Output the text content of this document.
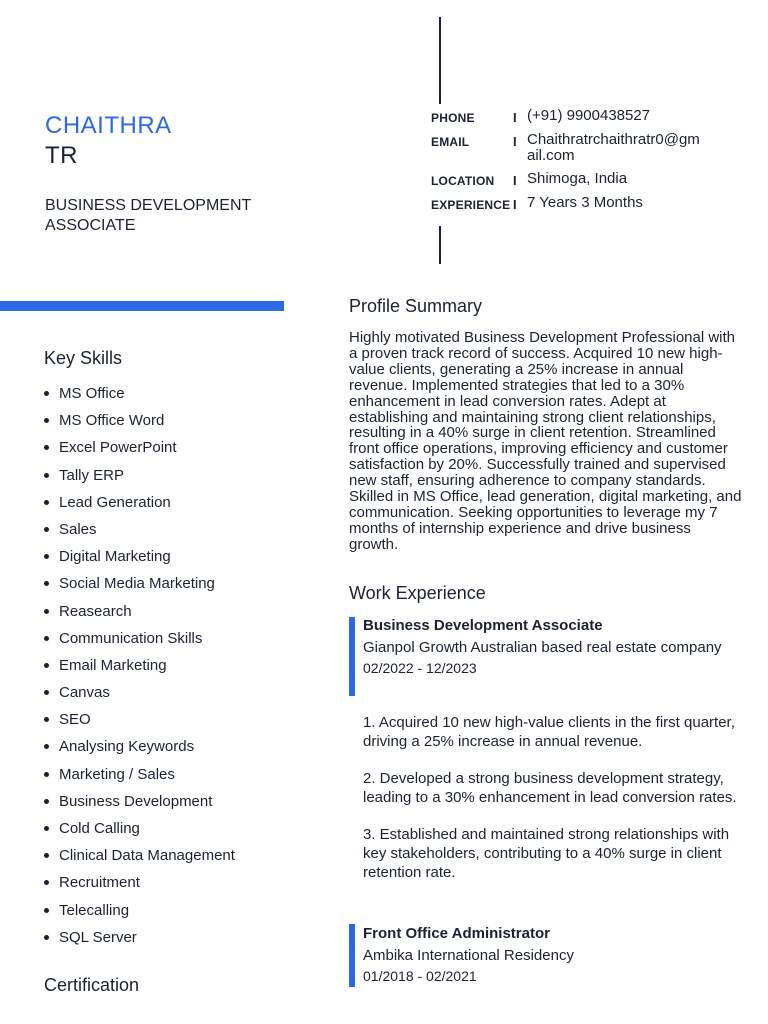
CHAITHRA
TR
BUSINESS DEVELOPMENT ASSOCIATE
PHONE	I (+91) 9900438527
EMAIL	I Chaithratrchaithratr0@gmail.com
LOCATION	I Shimoga, India
EXPERIENCE I 7 Years 3 Months
Key Skills
MS Office
MS Office Word
Excel PowerPoint
Tally ERP
Lead Generation
Sales
Digital Marketing
Social Media Marketing
Reasearch
Communication Skills
Email Marketing
Canvas
SEO
Analysing Keywords
Marketing / Sales
Business Development
Cold Calling
Clinical Data Management
Recruitment
Telecalling
SQL Server
Certification
Profile Summary
Highly motivated Business Development Professional with a proven track record of success. Acquired 10 new high-value clients, generating a 25% increase in annual revenue. Implemented strategies that led to a 30% enhancement in lead conversion rates. Adept at establishing and maintaining strong client relationships, resulting in a 40% surge in client retention. Streamlined front office operations, improving efficiency and customer satisfaction by 20%. Successfully trained and supervised new staff, ensuring adherence to company standards. Skilled in MS Office, lead generation, digital marketing, and communication. Seeking opportunities to leverage my 7 months of internship experience and drive business growth.
Work Experience
Business Development Associate
Gianpol Growth Australian based real estate company
02/2022 - 12/2023

1. Acquired 10 new high-value clients in the first quarter, driving a 25% increase in annual revenue.

2. Developed a strong business development strategy, leading to a 30% enhancement in lead conversion rates.

3. Established and maintained strong relationships with key stakeholders, contributing to a 40% surge in client retention rate.

Front Office Administrator
Ambika International Residency
01/2018 - 02/2021
